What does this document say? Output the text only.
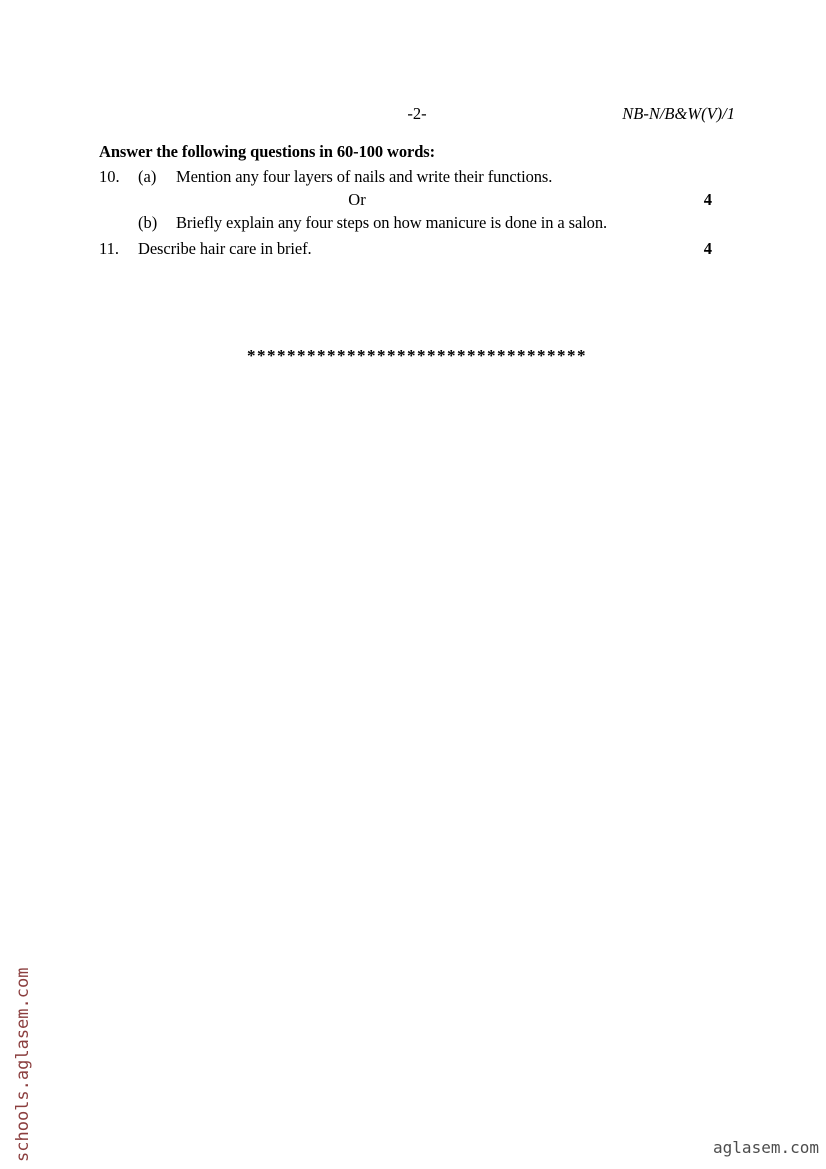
-2-	NB-N/B&W(V)/1
Answer the following questions in 60-100 words:
10.	(a)	Mention any four layers of nails and write their functions.
Or	4
(b)	Briefly explain any four steps on how manicure is done in a salon.
11.	Describe hair care in brief.	4
**********************************
schools.aglasem.com	aglasem.com
